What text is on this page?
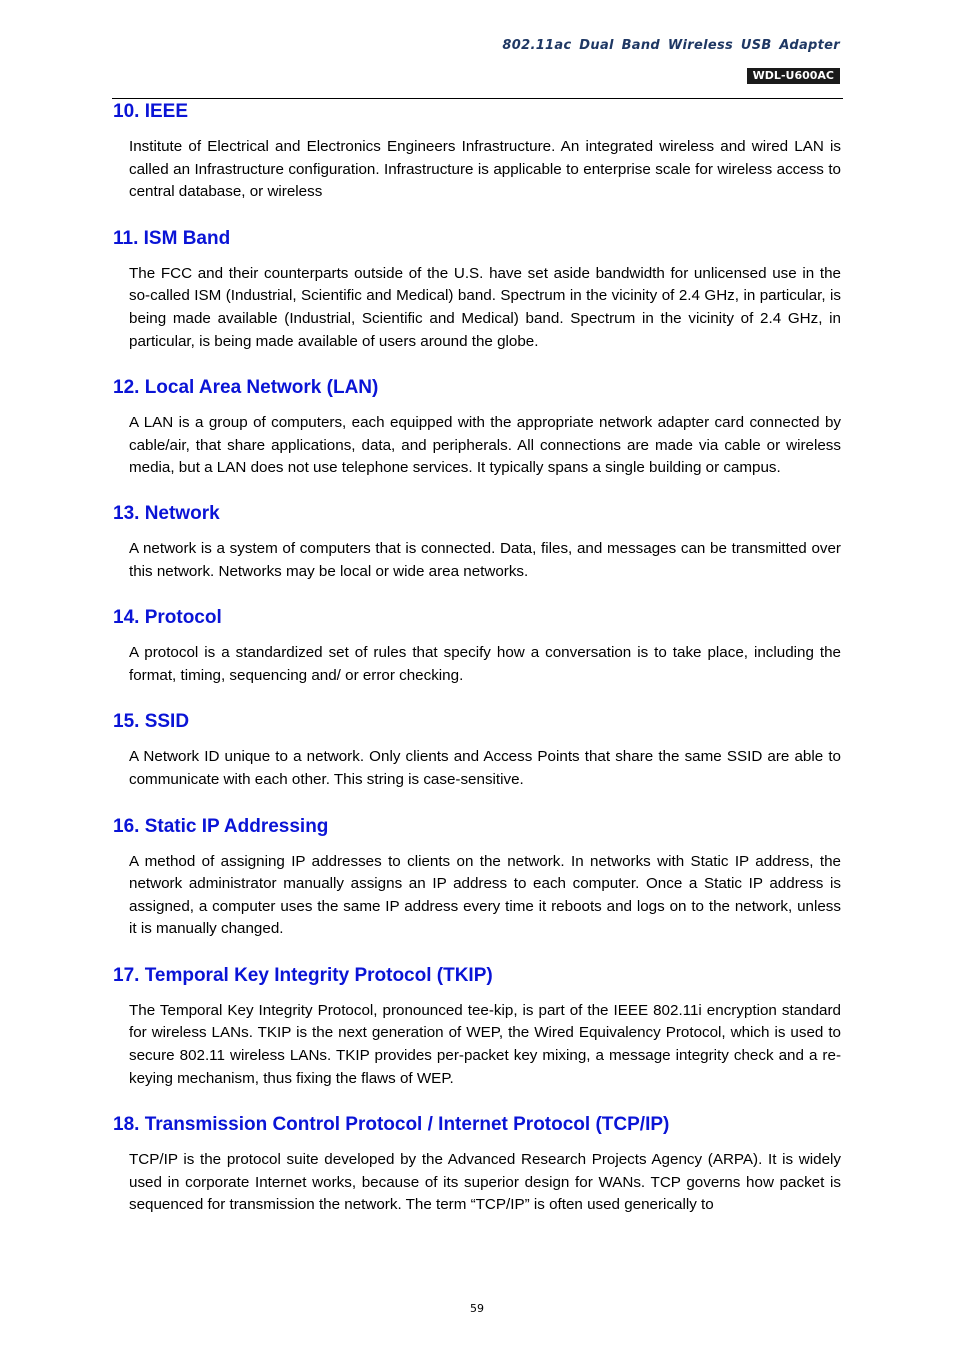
802.11ac Dual Band Wireless USB Adapter
WDL-U600AC
10. IEEE

Institute of Electrical and Electronics Engineers Infrastructure. An integrated wireless and wired LAN is called an Infrastructure configuration. Infrastructure is applicable to enterprise scale for wireless access to central database, or wireless

11. ISM Band

The FCC and their counterparts outside of the U.S. have set aside bandwidth for unlicensed use in the so-called ISM (Industrial, Scientific and Medical) band. Spectrum in the vicinity of 2.4 GHz, in particular, is being made available (Industrial, Scientific and Medical) band. Spectrum in the vicinity of 2.4 GHz, in particular, is being made available of users around the globe.

12. Local Area Network (LAN)

A LAN is a group of computers, each equipped with the appropriate network adapter card connected by cable/air, that share applications, data, and peripherals. All connections are made via cable or wireless media, but a LAN does not use telephone services. It typically spans a single building or campus.

13. Network

A network is a system of computers that is connected. Data, files, and messages can be transmitted over this network. Networks may be local or wide area networks.

14. Protocol

A protocol is a standardized set of rules that specify how a conversation is to take place, including the format, timing, sequencing and/ or error checking.

15. SSID

A Network ID unique to a network. Only clients and Access Points that share the same SSID are able to communicate with each other. This string is case-sensitive.

16. Static IP Addressing

A method of assigning IP addresses to clients on the network. In networks with Static IP address, the network administrator manually assigns an IP address to each computer. Once a Static IP address is assigned, a computer uses the same IP address every time it reboots and logs on to the network, unless it is manually changed.

17. Temporal Key Integrity Protocol (TKIP)

The Temporal Key Integrity Protocol, pronounced tee-kip, is part of the IEEE 802.11i encryption standard for wireless LANs. TKIP is the next generation of WEP, the Wired Equivalency Protocol, which is used to secure 802.11 wireless LANs. TKIP provides per-packet key mixing, a message integrity check and a re-keying mechanism, thus fixing the flaws of WEP.

18. Transmission Control Protocol / Internet Protocol (TCP/IP)

TCP/IP is the protocol suite developed by the Advanced Research Projects Agency (ARPA). It is widely used in corporate Internet works, because of its superior design for WANs. TCP governs how packet is sequenced for transmission the network. The term “TCP/IP” is often used generically to

59
